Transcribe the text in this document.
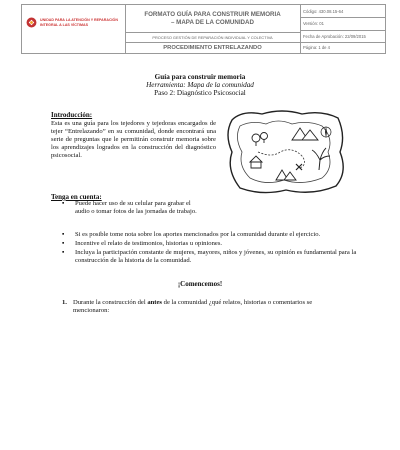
UNIDAD PARA LA ATENCIÓN Y REPARACIÓN INTEGRAL A LAS VÍCTIMAS
FORMATO GUÍA PARA CONSTRUIR MEMORIA
– MAPA DE LA COMUNIDAD
PROCESO GESTIÓN DE REPARACIÓN INDIVIDUAL Y COLECTIVA
PROCEDIMIENTO ENTRELAZANDO
Código: 430.08.15-64
Versión: 01
Fecha de Aprobación: 22/09/2015
Página: 1 de 4
Guía para construir memoria
Herramienta: Mapa de la comunidad
Paso 2: Diagnóstico Psicosocial
Introducción:
Esta es una guía para los tejedores y tejedoras encargados de tejer “Entrelazando” en su comunidad, donde encontrará una serie de preguntas que le permitirán construir memoria sobre los aprendizajes logrados en la construcción del diagnóstico psicosocial.
Tenga en cuenta:
▪ Puede hacer uso de su celular para grabar el audio o tomar fotos de las jornadas de trabajo.
▪ Si es posible tome nota sobre los aportes mencionados por la comunidad durante el ejercicio.
▪ Incentive el relato de testimonios, historias u opiniones.
▪ Incluya la participación constante de mujeres, mayores, niños y jóvenes, su opinión es fundamental para la construcción de la historia de la comunidad.
¡Comencemos!
1. Durante la construcción del antes de la comunidad ¿qué relatos, historias o comentarios se mencionaron:
